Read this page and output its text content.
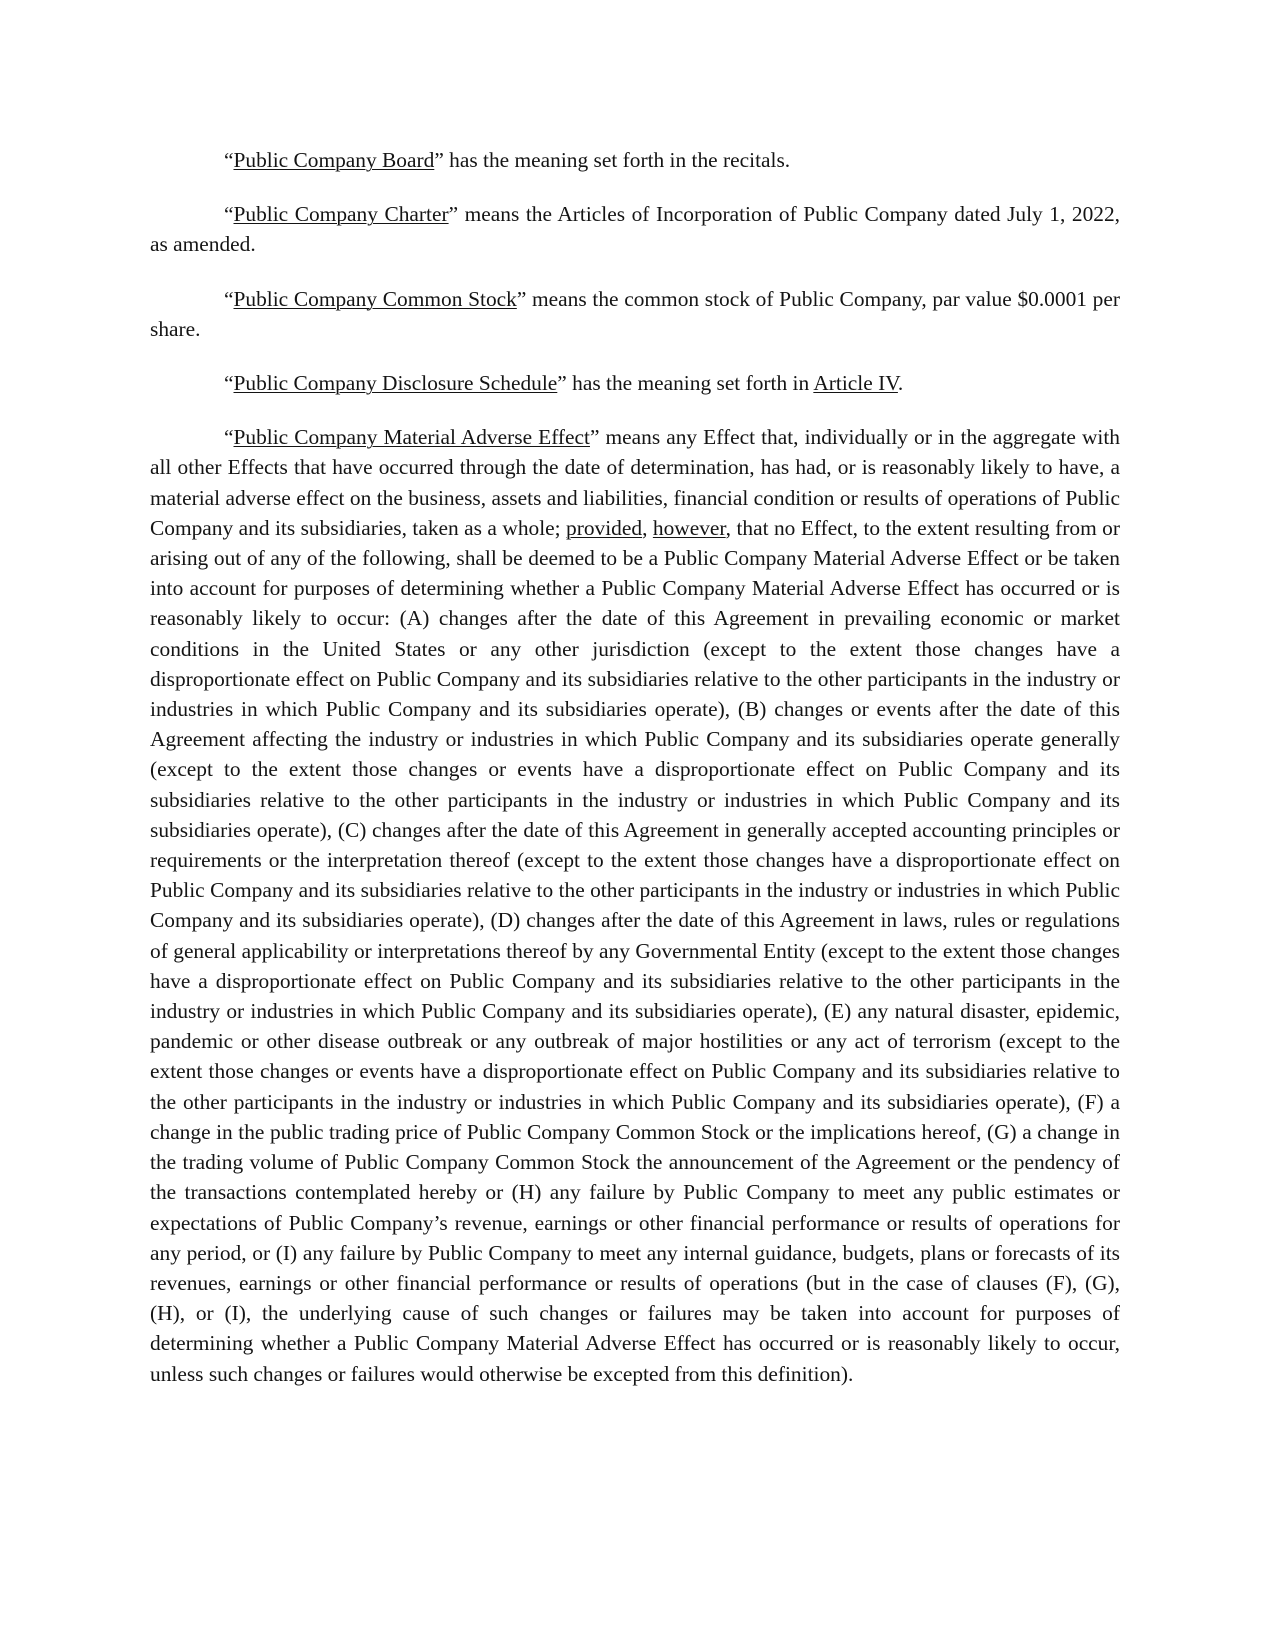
“Public Company Board” has the meaning set forth in the recitals.

“Public Company Charter” means the Articles of Incorporation of Public Company dated July 1, 2022, as amended.

“Public Company Common Stock” means the common stock of Public Company, par value $0.0001 per share.

“Public Company Disclosure Schedule” has the meaning set forth in Article IV.

“Public Company Material Adverse Effect” means any Effect that, individually or in the aggregate with all other Effects that have occurred through the date of determination, has had, or is reasonably likely to have, a material adverse effect on the business, assets and liabilities, financial condition or results of operations of Public Company and its subsidiaries, taken as a whole; provided, however, that no Effect, to the extent resulting from or arising out of any of the following, shall be deemed to be a Public Company Material Adverse Effect or be taken into account for purposes of determining whether a Public Company Material Adverse Effect has occurred or is reasonably likely to occur: (A) changes after the date of this Agreement in prevailing economic or market conditions in the United States or any other jurisdiction (except to the extent those changes have a disproportionate effect on Public Company and its subsidiaries relative to the other participants in the industry or industries in which Public Company and its subsidiaries operate), (B) changes or events after the date of this Agreement affecting the industry or industries in which Public Company and its subsidiaries operate generally (except to the extent those changes or events have a disproportionate effect on Public Company and its subsidiaries relative to the other participants in the industry or industries in which Public Company and its subsidiaries operate), (C) changes after the date of this Agreement in generally accepted accounting principles or requirements or the interpretation thereof (except to the extent those changes have a disproportionate effect on Public Company and its subsidiaries relative to the other participants in the industry or industries in which Public Company and its subsidiaries operate), (D) changes after the date of this Agreement in laws, rules or regulations of general applicability or interpretations thereof by any Governmental Entity (except to the extent those changes have a disproportionate effect on Public Company and its subsidiaries relative to the other participants in the industry or industries in which Public Company and its subsidiaries operate), (E) any natural disaster, epidemic, pandemic or other disease outbreak or any outbreak of major hostilities or any act of terrorism (except to the extent those changes or events have a disproportionate effect on Public Company and its subsidiaries relative to the other participants in the industry or industries in which Public Company and its subsidiaries operate), (F) a change in the public trading price of Public Company Common Stock or the implications hereof, (G) a change in the trading volume of Public Company Common Stock the announcement of the Agreement or the pendency of the transactions contemplated hereby or (H) any failure by Public Company to meet any public estimates or expectations of Public Company’s revenue, earnings or other financial performance or results of operations for any period, or (I) any failure by Public Company to meet any internal guidance, budgets, plans or forecasts of its revenues, earnings or other financial performance or results of operations (but in the case of clauses (F), (G), (H), or (I), the underlying cause of such changes or failures may be taken into account for purposes of determining whether a Public Company Material Adverse Effect has occurred or is reasonably likely to occur, unless such changes or failures would otherwise be excepted from this definition).
